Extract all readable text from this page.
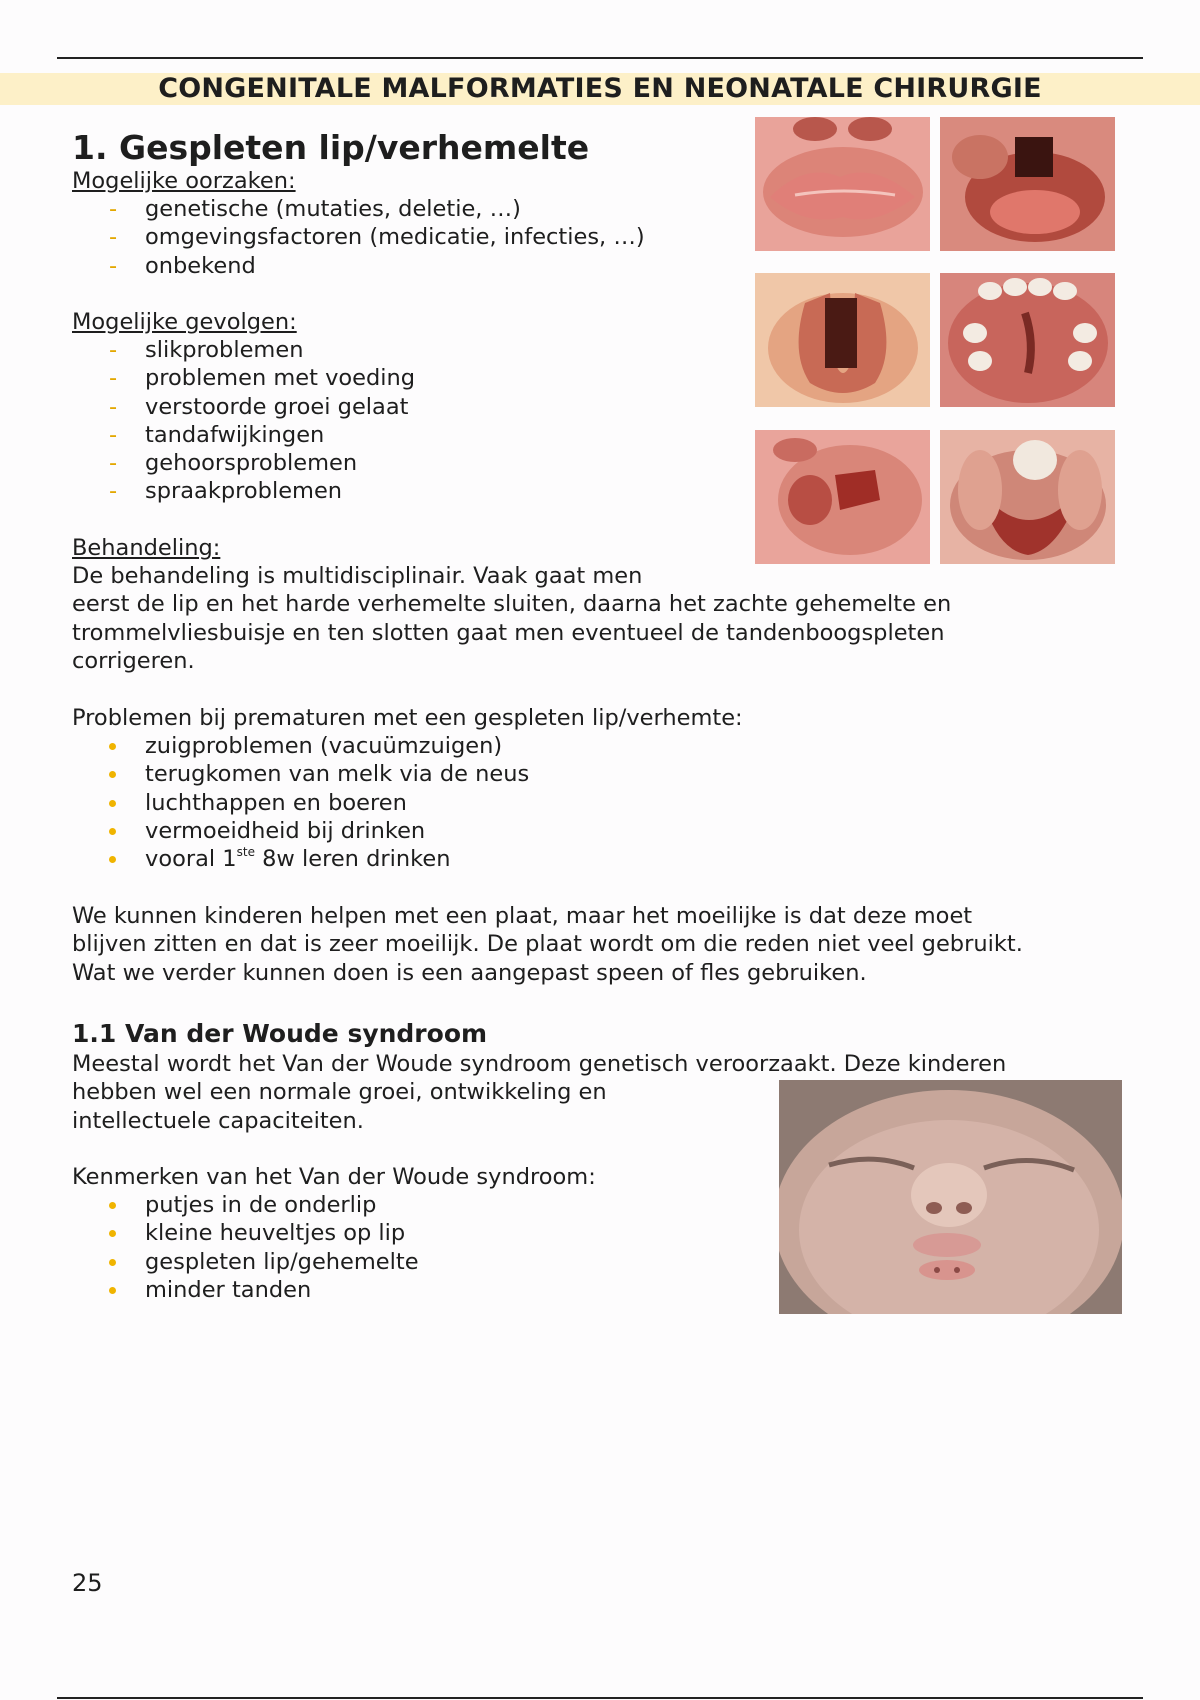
CONGENITALE MALFORMATIES EN NEONATALE CHIRURGIE
1. Gespleten lip/verhemelte
Mogelijke oorzaken:
- genetische (mutaties, deletie, …)
- omgevingsfactoren (medicatie, infecties, …)
- onbekend
Mogelijke gevolgen:
- slikproblemen
- problemen met voeding
- verstoorde groei gelaat
- tandafwijkingen
- gehoorsproblemen
- spraakproblemen
Behandeling:
De behandeling is multidisciplinair. Vaak gaat men
eerst de lip en het harde verhemelte sluiten, daarna het zachte gehemelte en
trommelvliesbuisje en ten slotten gaat men eventueel de tandenboogspleten
corrigeren.
Problemen bij prematuren met een gespleten lip/verhemte:
zuigproblemen (vacuümzuigen)
terugkomen van melk via de neus
luchthappen en boeren
vermoeidheid bij drinken
vooral 1ste 8w leren drinken
We kunnen kinderen helpen met een plaat, maar het moeilijke is dat deze moet
blijven zitten en dat is zeer moeilijk. De plaat wordt om die reden niet veel gebruikt.
Wat we verder kunnen doen is een aangepast speen of fles gebruiken.
1.1 Van der Woude syndroom
Meestal wordt het Van der Woude syndroom genetisch veroorzaakt. Deze kinderen
hebben wel een normale groei, ontwikkeling en
intellectuele capaciteiten.
Kenmerken van het Van der Woude syndroom:
putjes in de onderlip
kleine heuveltjes op lip
gespleten lip/gehemelte
minder tanden
25
